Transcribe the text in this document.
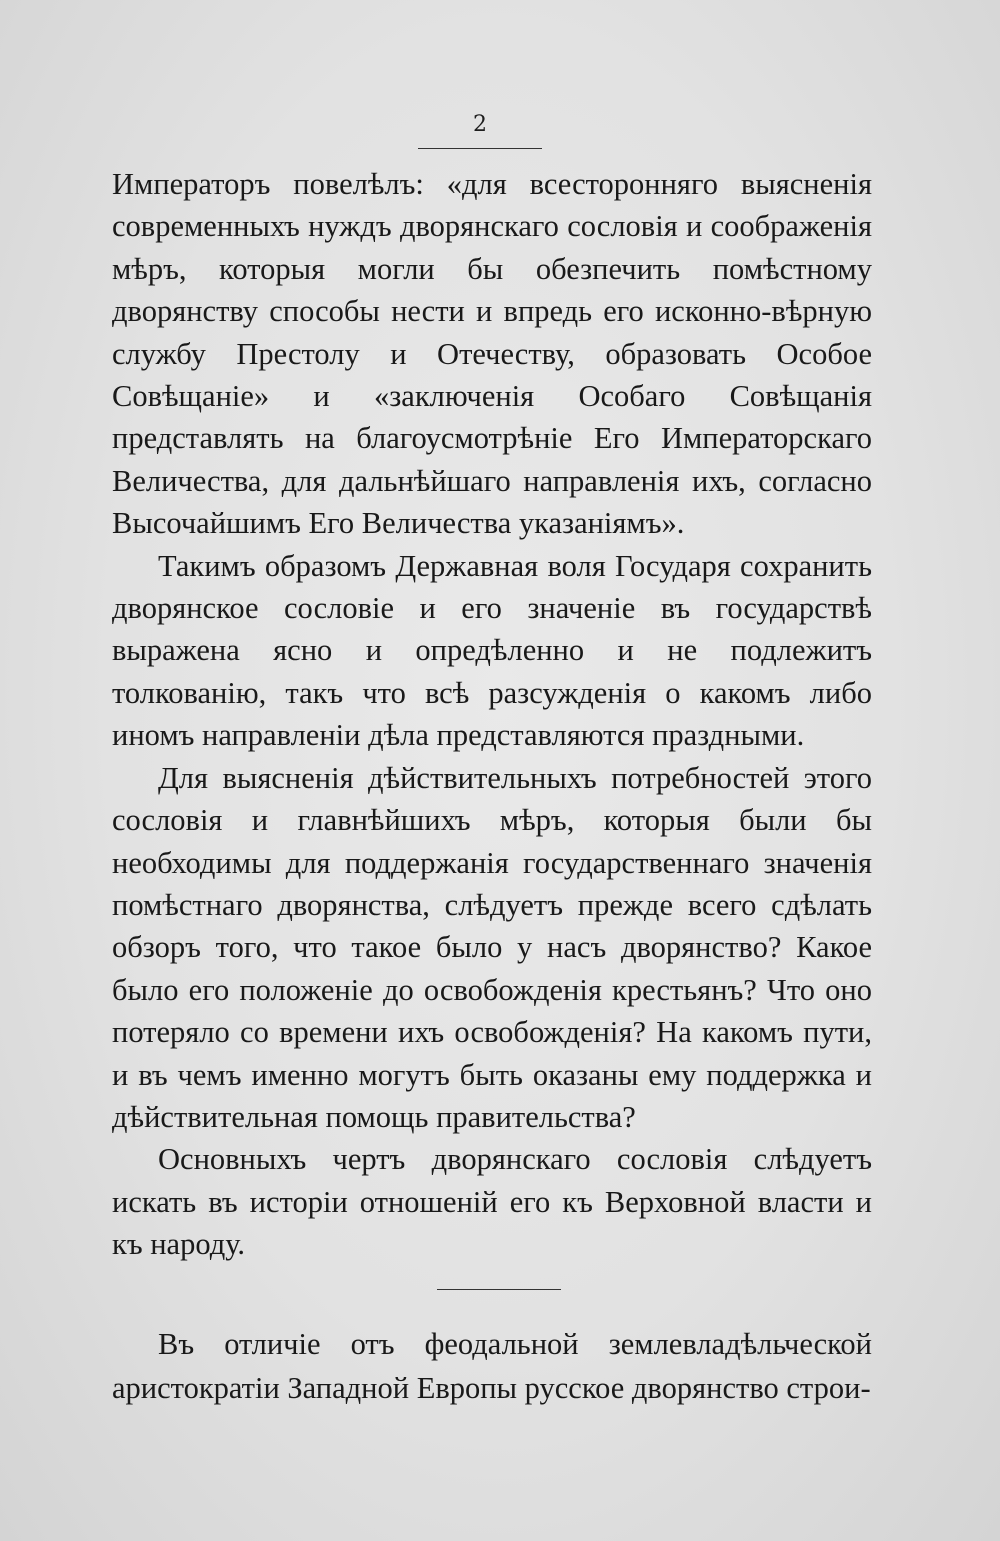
2

Императоръ повелѣлъ: «для всесторонняго выясненія современныхъ нуждъ дворянскаго сословія и соображенія мѣръ, которыя могли бы обезпечить помѣстному дворянству способы нести и впредь его исконно-вѣрную службу Престолу и Отечеству, образовать Особое Совѣщаніе» и «заключенія Особаго Совѣщанія представлять на благоусмотрѣніе Его Императорскаго Величества, для дальнѣйшаго направленія ихъ, согласно Высочайшимъ Его Величества указаніямъ».

Такимъ образомъ Державная воля Государя сохранить дворянское сословіе и его значеніе въ государствѣ выражена ясно и опредѣленно и не подлежитъ толкованію, такъ что всѣ разсужденія о какомъ либо иномъ направленіи дѣла представляются праздными.

Для выясненія дѣйствительныхъ потребностей этого сословія и главнѣйшихъ мѣръ, которыя были бы необходимы для поддержанія государственнаго значенія помѣстнаго дворянства, слѣдуетъ прежде всего сдѣлать обзоръ того, что такое было у насъ дворянство? Какое было его положеніе до освобожденія крестьянъ? Что оно потеряло со времени ихъ освобожденія? На какомъ пути, и въ чемъ именно могутъ быть оказаны ему поддержка и дѣйствительная помощь правительства?

Основныхъ чертъ дворянскаго сословія слѣдуетъ искать въ исторіи отношеній его къ Верховной власти и къ народу.

Въ отличіе отъ феодальной землевладѣльческой аристократіи Западной Европы русское дворянство строи-
